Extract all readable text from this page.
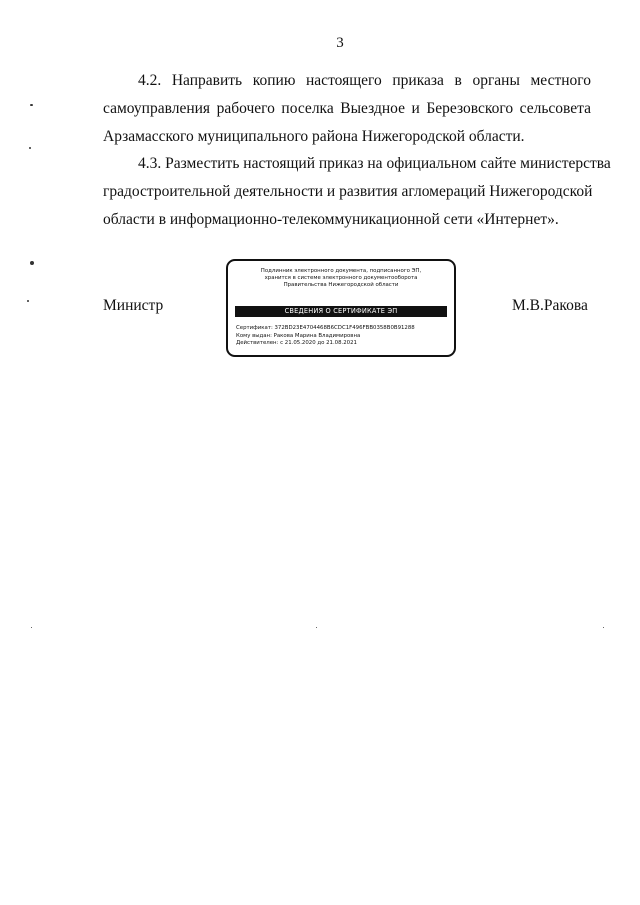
3
4.2. Направить копию настоящего приказа в органы местного
самоуправления рабочего поселка Выездное и Березовского сельсовета
Арзамасского муниципального района Нижегородской области.
4.3. Разместить настоящий приказ на официальном сайте министерства
градостроительной деятельности и развития агломераций Нижегородской
области в информационно-телекоммуникационной сети «Интернет».
Министр
Подлинник электронного документа, подписанного ЭП,
хранится в системе электронного документооборота
Правительства Нижегородской области
СВЕДЕНИЯ О СЕРТИФИКАТЕ ЭП
Сертификат: 372BD23E4704468B6CDC1F496FBB0358B0B91288
Кому выдан: Ракова Марина Владимировна
Действителен: с 21.05.2020 до 21.08.2021
М.В.Ракова
